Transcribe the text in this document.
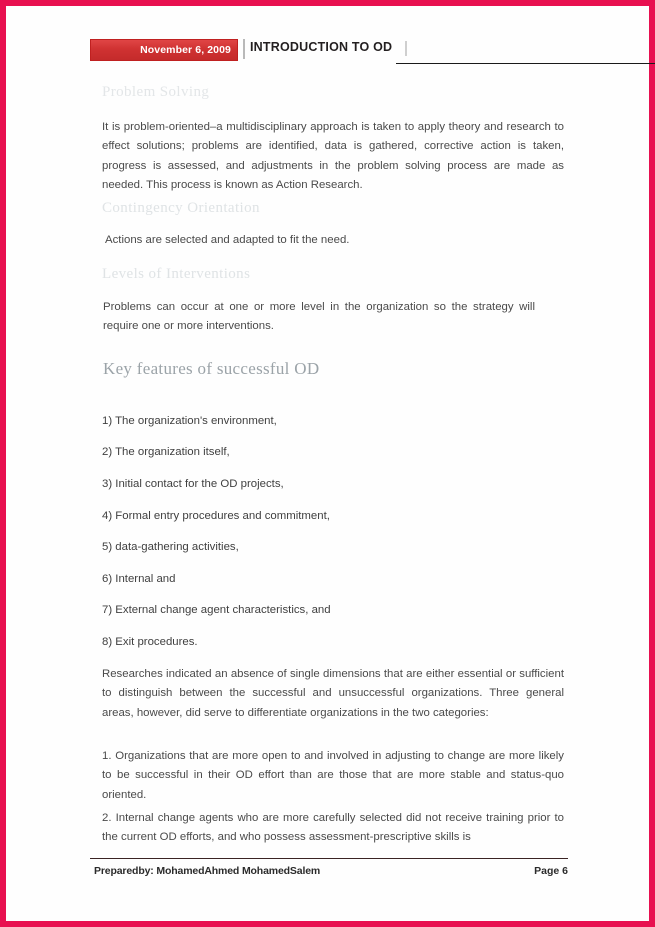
November 6, 2009	INTRODUCTION TO OD
Problem Solving
It is problem-oriented–a multidisciplinary approach is taken to apply theory and research to effect solutions; problems are identified, data is gathered, corrective action is taken, progress is assessed, and adjustments in the problem solving process are made as needed. This process is known as Action Research.
Contingency Orientation
Actions are selected and adapted to fit the need.
Levels of Interventions
Problems can occur at one or more level in the organization so the strategy will require one or more interventions.
Key features of successful OD
1) The organization's environment,
2) The organization itself,
3) Initial contact for the OD projects,
4) Formal entry procedures and commitment,
5) data-gathering activities,
6) Internal and
7) External change agent characteristics, and
8) Exit procedures.
Researches indicated an absence of single dimensions that are either essential or sufficient to distinguish between the successful and unsuccessful organizations. Three general areas, however, did serve to differentiate organizations in the two categories:
1. Organizations that are more open to and involved in adjusting to change are more likely to be successful in their OD effort than are those that are more stable and status-quo oriented.
2. Internal change agents who are more carefully selected did not receive training prior to the current OD efforts, and who possess assessment-prescriptive skills is
Preparedby: MohamedAhmed MohamedSalem	Page 6
